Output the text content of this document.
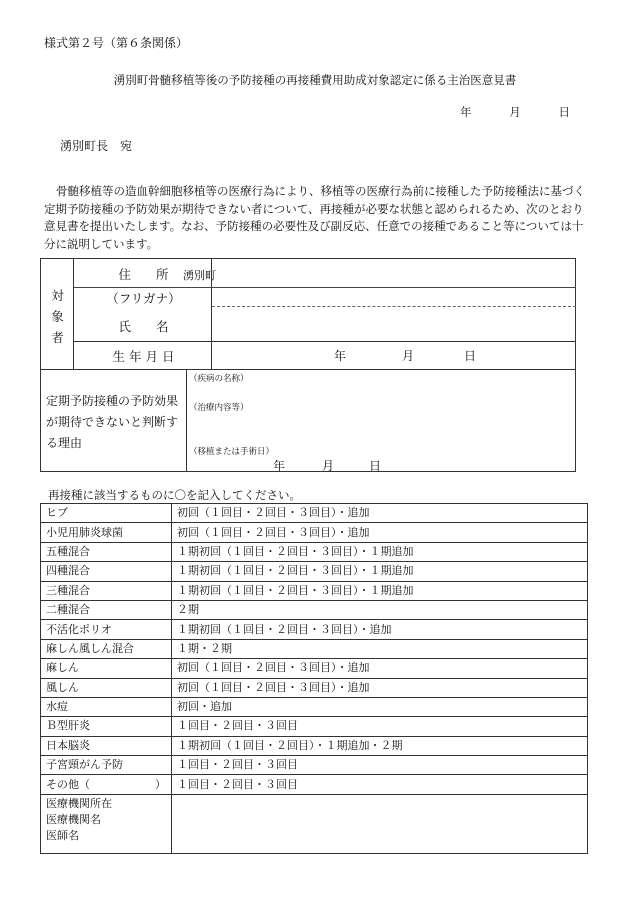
様式第２号（第６条関係）
湧別町骨髄移植等後の予防接種の再接種費用助成対象認定に係る主治医意見書
年	月	日
湧別町長　宛
骨髄移植等の造血幹細胞移植等の医療行為により、移植等の医療行為前に接種した予防接種法に基づく定期予防接種の予防効果が期待できない者について、再接種が必要な状態と認められるため、次のとおり意見書を提出いたします。なお、予防接種の必要性及び副反応、任意での接種であること等については十分に説明しています。
対
象
者
住　　所	湧別町
（フリガナ）
氏　　名
生 年 月 日	年	月	日
定期予防接種の予防効果が期待できないと判断する理由
（疾病の名称）
（治療内容等）
（移植または手術日）
年	月	日
再接種に該当するものに〇を記入してください。
ヒブ	初回（１回目・２回目・３回目）・追加
小児用肺炎球菌	初回（１回目・２回目・３回目）・追加
五種混合	１期初回（１回目・２回目・３回目）・１期追加
四種混合	１期初回（１回目・２回目・３回目）・１期追加
三種混合	１期初回（１回目・２回目・３回目）・１期追加
二種混合	２期
不活化ポリオ	１期初回（１回目・２回目・３回目）・追加
麻しん風しん混合	１期・２期
麻しん	初回（１回目・２回目・３回目）・追加
風しん	初回（１回目・２回目・３回目）・追加
水痘	初回・追加
Ｂ型肝炎	１回目・２回目・３回目
日本脳炎	１期初回（１回目・２回目）・１期追加・２期
子宮頸がん予防	１回目・２回目・３回目

その他（ ）	１回目・２回目・３回目

医療機関所在
医療機関名
医師名	
